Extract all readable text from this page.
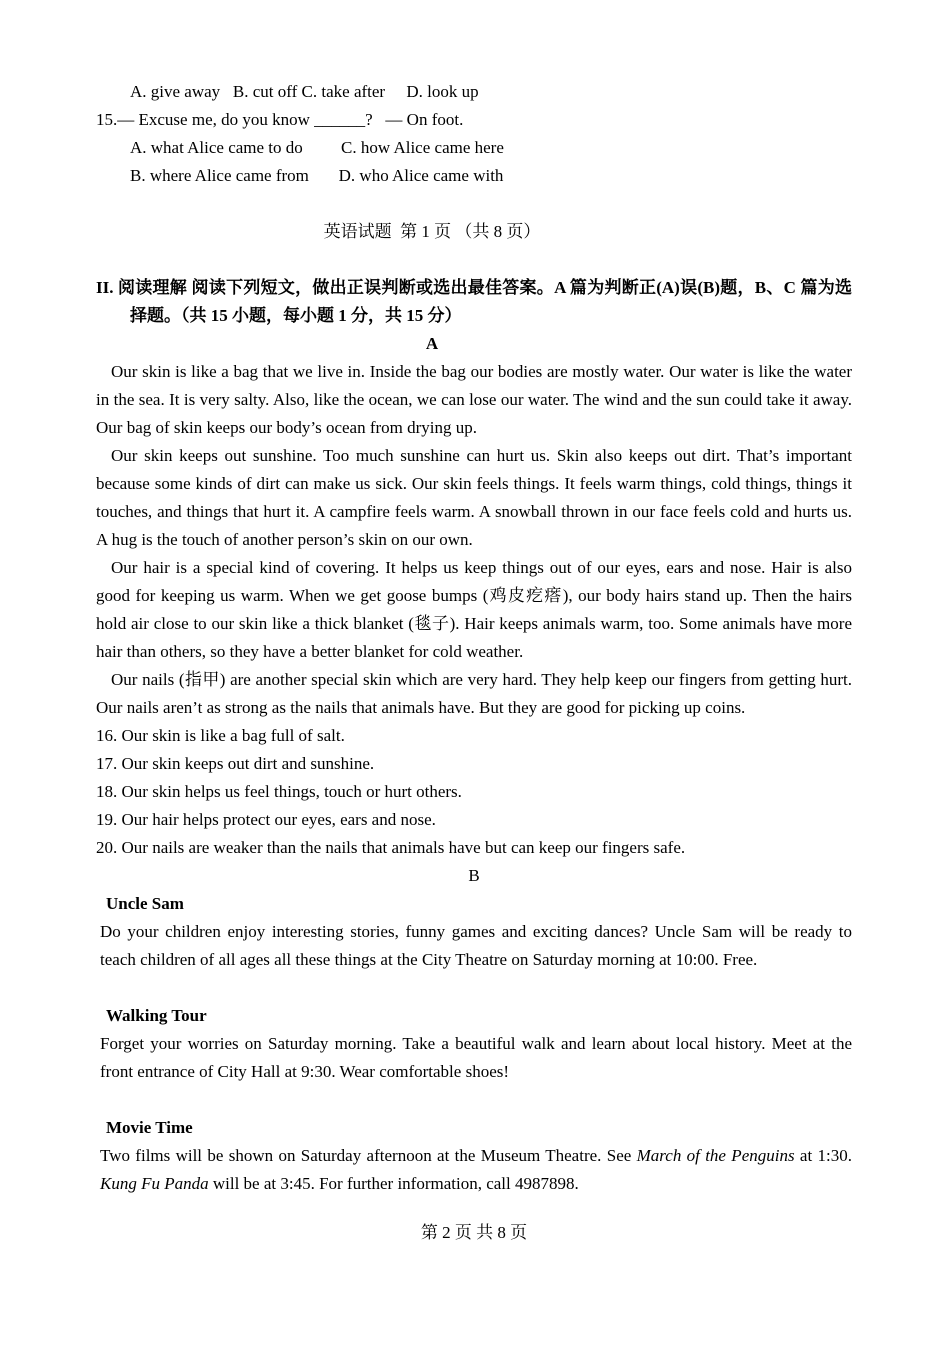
A. give away   B. cut off C. take after     D. look up
15.— Excuse me, do you know ______?   — On foot.
A. what Alice came to do         C. how Alice came here
B. where Alice came from       D. who Alice came with
英语试题  第 1 页 （共 8 页）
II. 阅读理解 阅读下列短文，做出正误判断或选出最佳答案。A 篇为判断正(A)误(B)题，B、C 篇为选择题。（共 15 小题，每小题 1 分，共 15 分）
A

Our skin is like a bag that we live in. Inside the bag our bodies are mostly water. Our water is like the water in the sea. It is very salty. Also, like the ocean, we can lose our water. The wind and the sun could take it away. Our bag of skin keeps our body’s ocean from drying up.

Our skin keeps out sunshine. Too much sunshine can hurt us. Skin also keeps out dirt. That’s important because some kinds of dirt can make us sick. Our skin feels things. It feels warm things, cold things, things it touches, and things that hurt it. A campfire feels warm. A snowball thrown in our face feels cold and hurts us. A hug is the touch of another person’s skin on our own.

Our hair is a special kind of covering. It helps us keep things out of our eyes, ears and nose. Hair is also good for keeping us warm. When we get goose bumps (鸡皮疙瘩), our body hairs stand up. Then the hairs hold air close to our skin like a thick blanket (毯子). Hair keeps animals warm, too. Some animals have more hair than others, so they have a better blanket for cold weather.

Our nails (指甲) are another special skin which are very hard. They help keep our fingers from getting hurt. Our nails aren’t as strong as the nails that animals have. But they are good for picking up coins.

16. Our skin is like a bag full of salt.
17. Our skin keeps out dirt and sunshine.
18. Our skin helps us feel things, touch or hurt others.
19. Our hair helps protect our eyes, ears and nose.
20. Our nails are weaker than the nails that animals have but can keep our fingers safe.
B
Uncle Sam

Do your children enjoy interesting stories, funny games and exciting dances? Uncle Sam will be ready to teach children of all ages all these things at the City Theatre on Saturday morning at 10:00. Free.

Walking Tour

Forget your worries on Saturday morning. Take a beautiful walk and learn about local history. Meet at the front entrance of City Hall at 9:30. Wear comfortable shoes!

Movie Time

Two films will be shown on Saturday afternoon at the Museum Theatre. See March of the Penguins at 1:30. Kung Fu Panda will be at 3:45. For further information, call 4987898.

第 2 页 共 8 页
